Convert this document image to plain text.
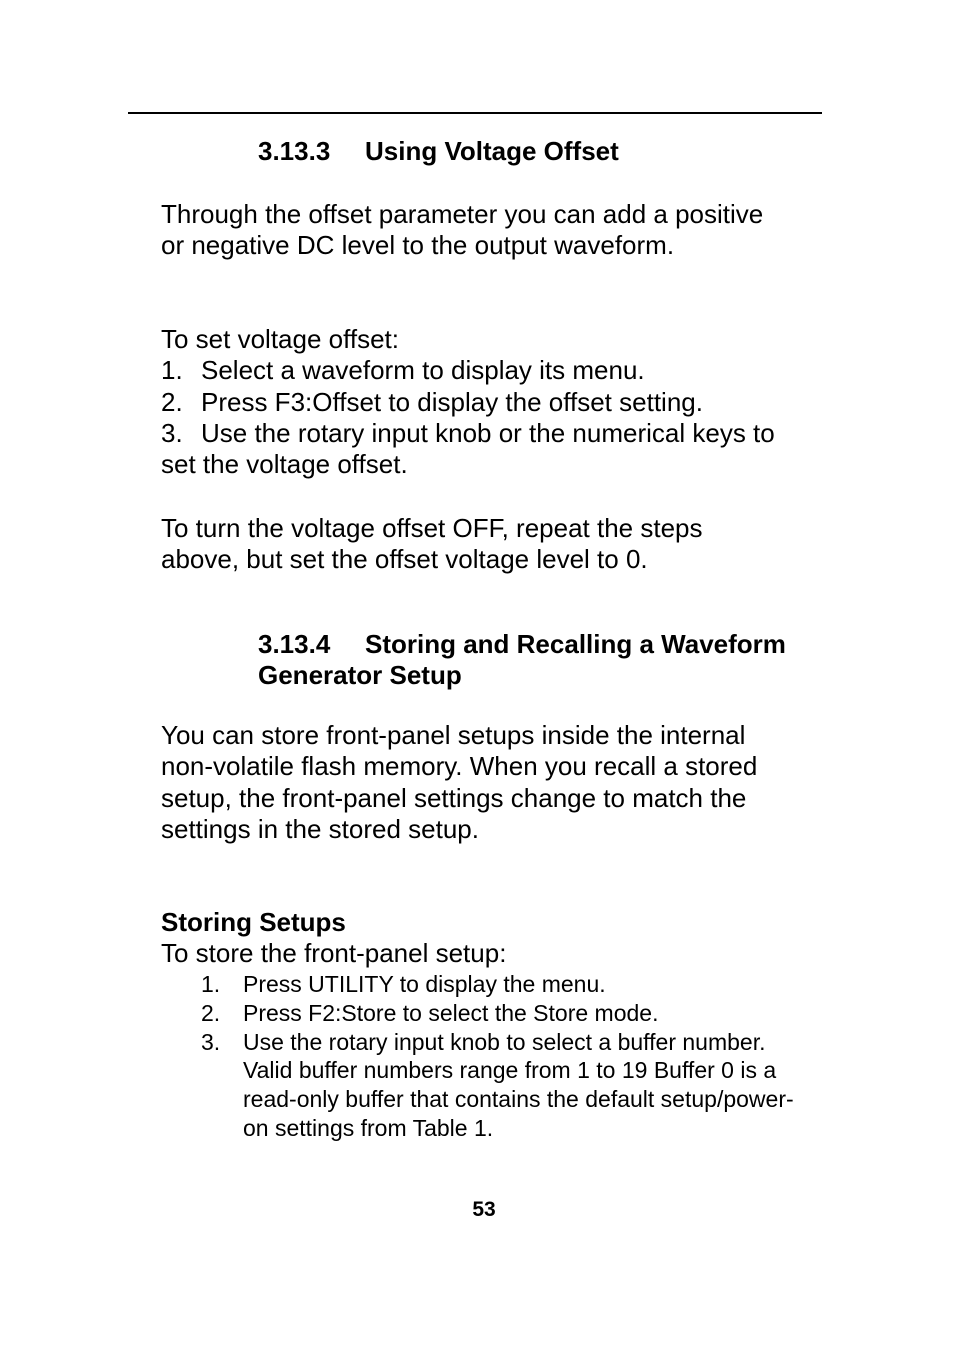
3.13.3 Using Voltage Offset
Through the offset parameter you can add a positive
or negative DC level to the output waveform.
To set voltage offset:
1. Select a waveform to display its menu.
2. Press F3:Offset to display the offset setting.
3. Use the rotary input knob or the numerical keys to
set the voltage offset.
To turn the voltage offset OFF, repeat the steps
above, but set the offset voltage level to 0.
3.13.4 Storing and Recalling a Waveform
Generator Setup
You can store front-panel setups inside the internal
non-volatile flash memory. When you recall a stored
setup, the front-panel settings change to match the
settings in the stored setup.
Storing Setups
To store the front-panel setup:
1. Press UTILITY to display the menu.
2. Press F2:Store to select the Store mode.
3. Use the rotary input knob to select a buffer number. Valid buffer numbers range from 1 to 19 Buffer 0 is a read-only buffer that contains the default setup/power-on settings from Table 1.
53
